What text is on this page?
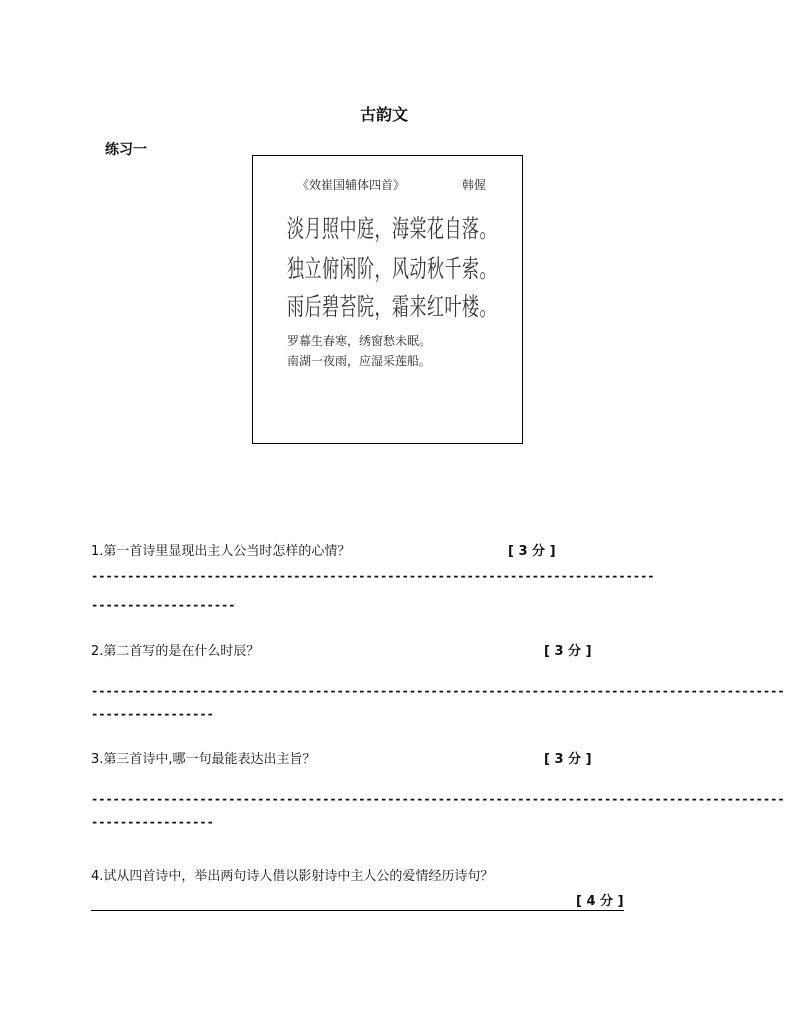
古韵文
练习一
《效崔国辅体四首》	韩偓
淡月照中庭，海棠花自落。
独立俯闲阶，风动秋千索。
雨后碧苔院，霜来红叶楼。
罗幕生春寒，绣窗愁未眠。
南湖一夜雨，应湿采莲船。
1.第一首诗里显现出主人公当时怎样的心情？	[ 3 分 ]
------------------------------------------------------------------------------
--------------------
2.第二首写的是在什么时辰？	[ 3 分 ]
------------------------------------------------------------------------------------------------
-----------------
3.第三首诗中,哪一句最能表达出主旨？	[ 3 分 ]
------------------------------------------------------------------------------------------------
-----------------
4.试从四首诗中，举出两句诗人借以影射诗中主人公的爱情经历诗句？
[ 4 分 ]
